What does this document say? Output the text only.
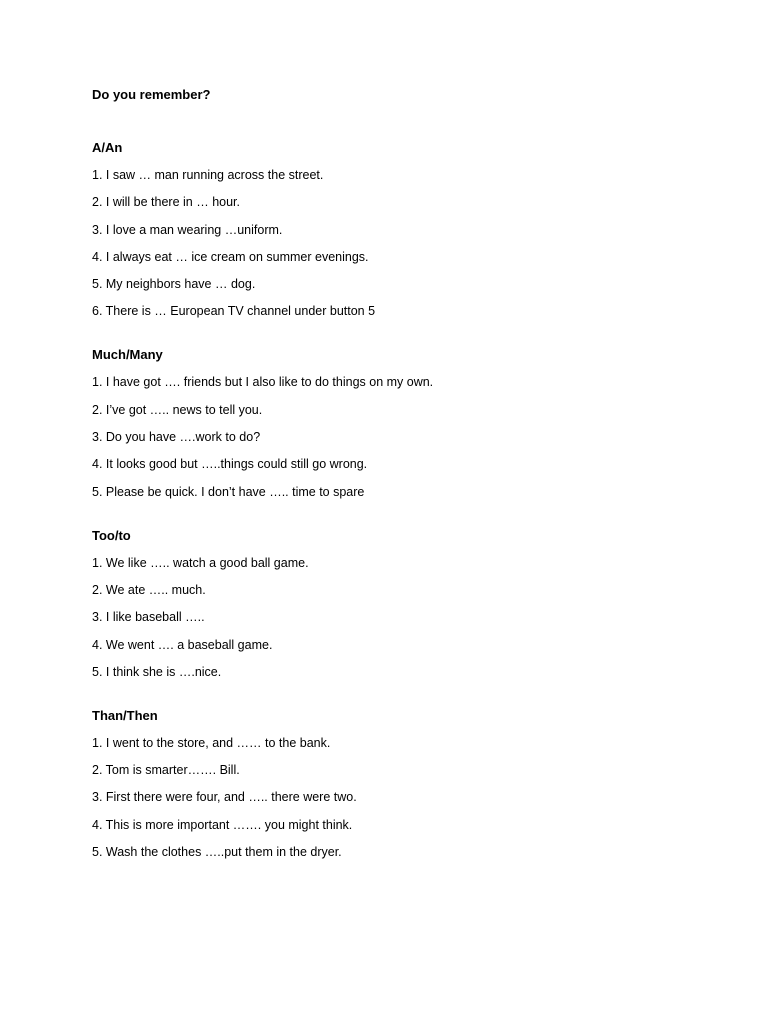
Do you remember?

A/An

1. I saw … man running across the street.

2. I will be there in … hour.

3. I love a man wearing …uniform.

4. I always eat … ice cream on summer evenings.

5. My neighbors have … dog.

6. There is … European TV channel under button 5

Much/Many

1. I have got …. friends but I also like to do things on my own.

2. I’ve got ….. news to tell you.

3. Do you have ….work to do?

4. It looks good but …..things could still go wrong.

5. Please be quick. I don’t have ….. time to spare

Too/to

1. We like ….. watch a good ball game.

2. We ate ….. much.

3. I like baseball …..

4. We went …. a baseball game.

5. I think she is ….nice.

Than/Then

1. I went to the store, and …… to the bank.

2. Tom is smarter……. Bill.

3. First there were four, and ….. there were two.

4. This is more important ……. you might think.

5. Wash the clothes …..put them in the dryer.
